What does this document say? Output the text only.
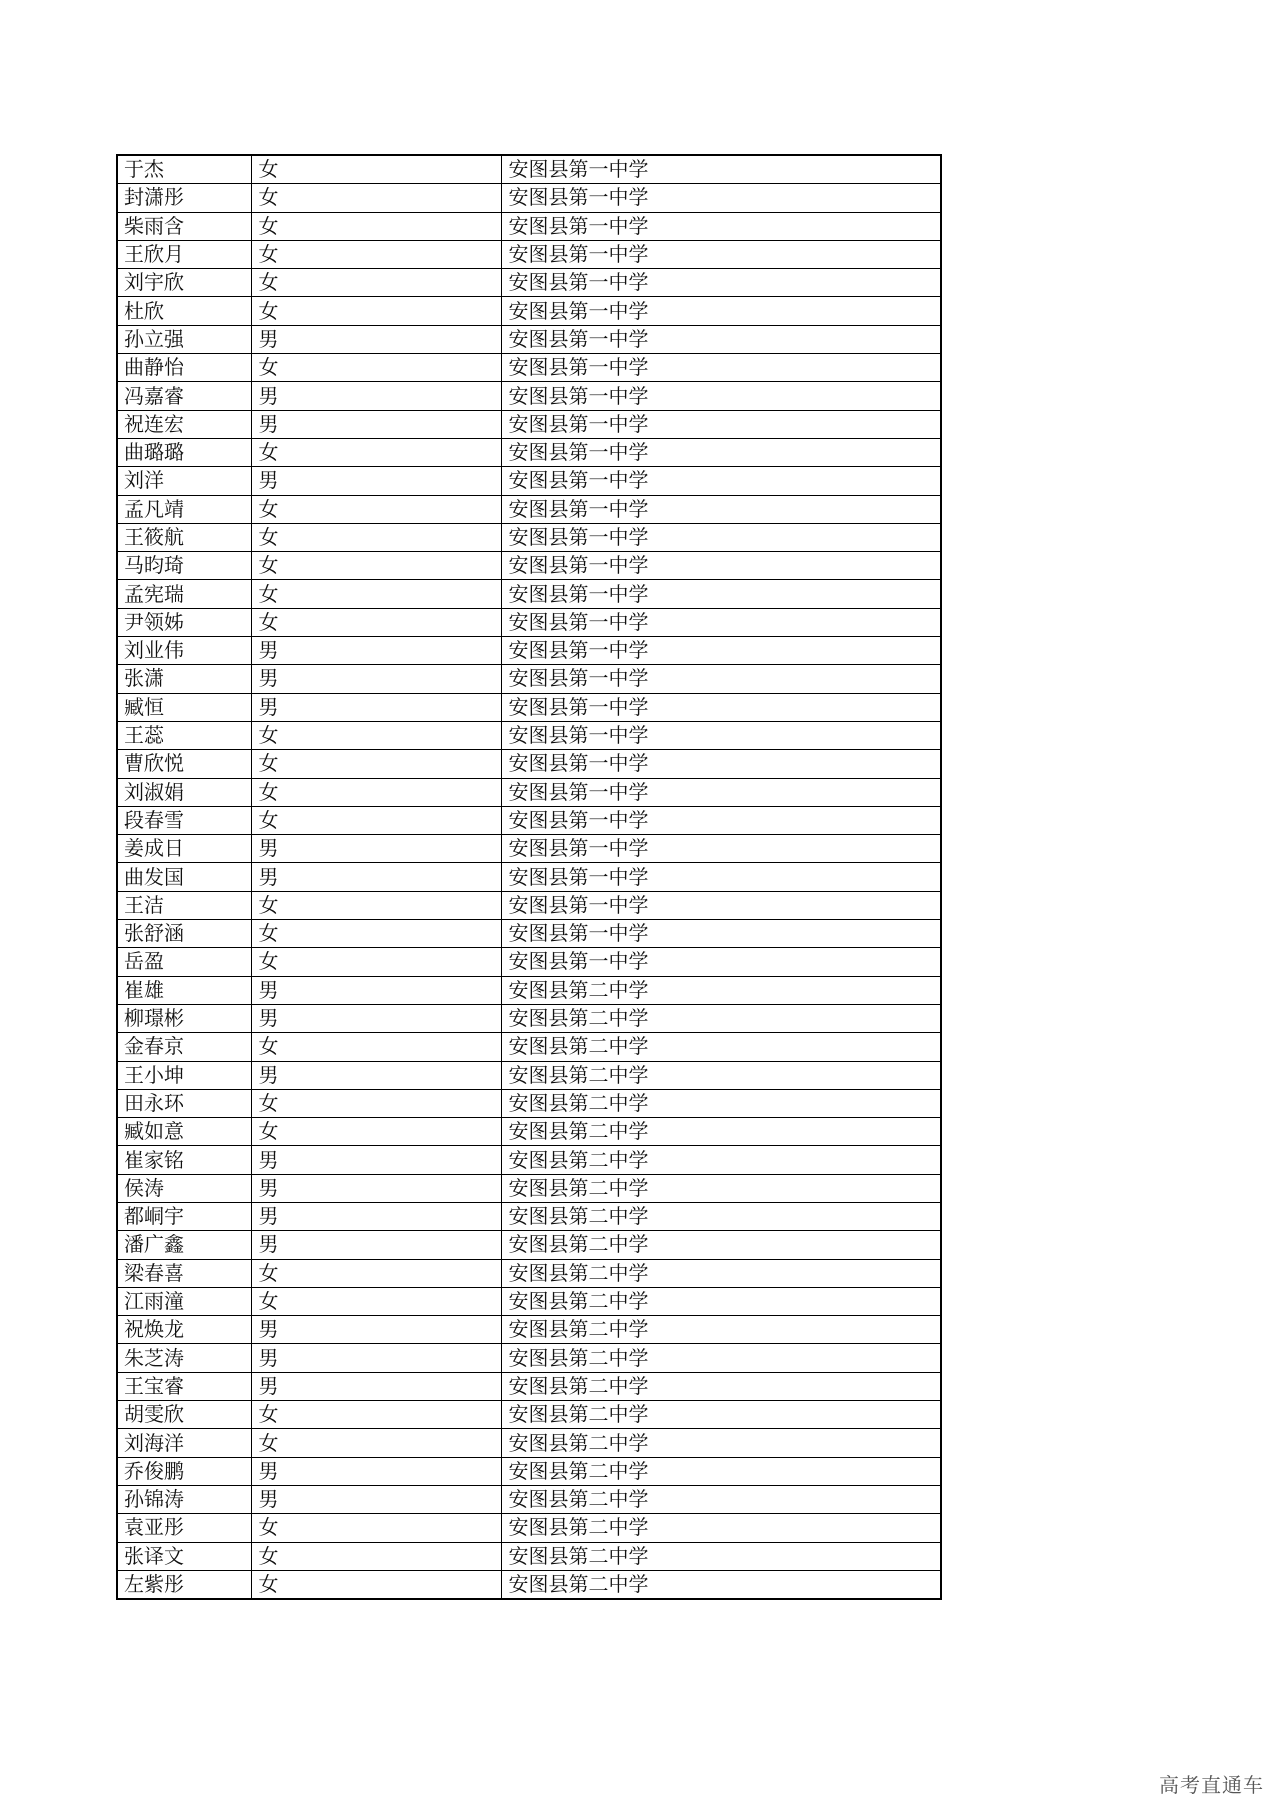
于杰	女	安图县第一中学
封潇彤	女	安图县第一中学
柴雨含	女	安图县第一中学
王欣月	女	安图县第一中学
刘宇欣	女	安图县第一中学
杜欣	女	安图县第一中学
孙立强	男	安图县第一中学
曲静怡	女	安图县第一中学
冯嘉睿	男	安图县第一中学
祝连宏	男	安图县第一中学
曲璐璐	女	安图县第一中学
刘洋	男	安图县第一中学
孟凡靖	女	安图县第一中学
王筱航	女	安图县第一中学
马昀琦	女	安图县第一中学
孟宪瑞	女	安图县第一中学
尹领姊	女	安图县第一中学
刘业伟	男	安图县第一中学
张潇	男	安图县第一中学
臧恒	男	安图县第一中学
王蕊	女	安图县第一中学
曹欣悦	女	安图县第一中学
刘淑娟	女	安图县第一中学
段春雪	女	安图县第一中学
姜成日	男	安图县第一中学
曲发国	男	安图县第一中学
王洁	女	安图县第一中学
张舒涵	女	安图县第一中学
岳盈	女	安图县第一中学
崔雄	男	安图县第二中学
柳璟彬	男	安图县第二中学
金春京	女	安图县第二中学
王小坤	男	安图县第二中学
田永环	女	安图县第二中学
臧如意	女	安图县第二中学
崔家铭	男	安图县第二中学
侯涛	男	安图县第二中学
都峒宇	男	安图县第二中学
潘广鑫	男	安图县第二中学
梁春喜	女	安图县第二中学
江雨潼	女	安图县第二中学
祝焕龙	男	安图县第二中学
朱芝涛	男	安图县第二中学
王宝睿	男	安图县第二中学
胡雯欣	女	安图县第二中学
刘海洋	女	安图县第二中学
乔俊鹏	男	安图县第二中学
孙锦涛	男	安图县第二中学
袁亚彤	女	安图县第二中学
张译文	女	安图县第二中学
左紫彤	女	安图县第二中学
高考直通车
